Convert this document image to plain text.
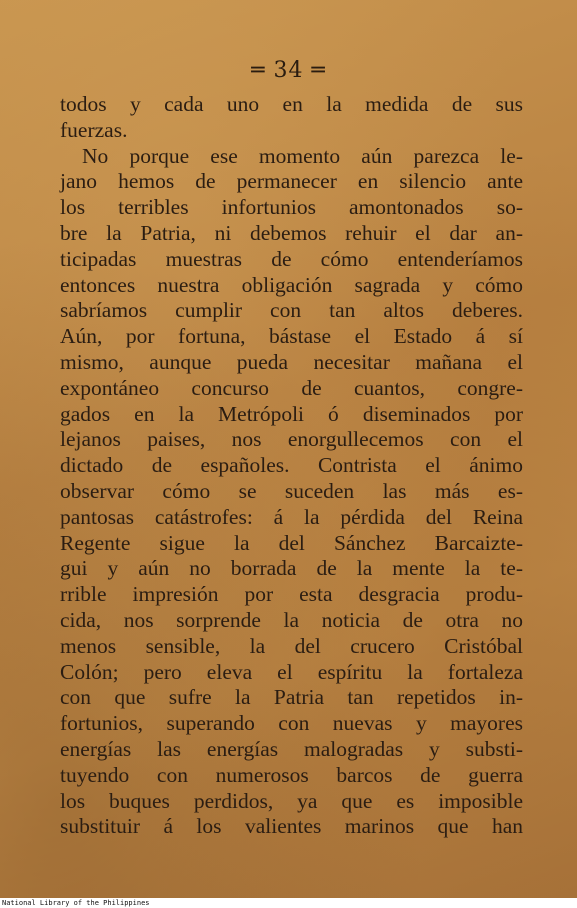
═ 34 ═
todos y cada uno en la medida de sus
fuerzas.
No porque ese momento aún parezca le-
jano hemos de permanecer en silencio ante
los terribles infortunios amontonados so-
bre la Patria, ni debemos rehuir el dar an-
ticipadas muestras de cómo entenderíamos
entonces nuestra obligación sagrada y cómo
sabríamos cumplir con tan altos deberes.
Aún, por fortuna, bástase el Estado á sí
mismo, aunque pueda necesitar mañana el
expontáneo concurso de cuantos, congre-
gados en la Metrópoli ó diseminados por
lejanos paises, nos enorgullecemos con el
dictado de españoles. Contrista el ánimo
observar cómo se suceden las más es-
pantosas catástrofes: á la pérdida del Reina
Regente sigue la del Sánchez Barcaizte-
gui y aún no borrada de la mente la te-
rrible impresión por esta desgracia produ-
cida, nos sorprende la noticia de otra no
menos sensible, la del crucero Cristóbal
Colón; pero eleva el espíritu la fortaleza
con que sufre la Patria tan repetidos in-
fortunios, superando con nuevas y mayores
energías las energías malogradas y substi-
tuyendo con numerosos barcos de guerra
los buques perdidos, ya que es imposible
substituir á los valientes marinos que han
National Library of the Philippines
